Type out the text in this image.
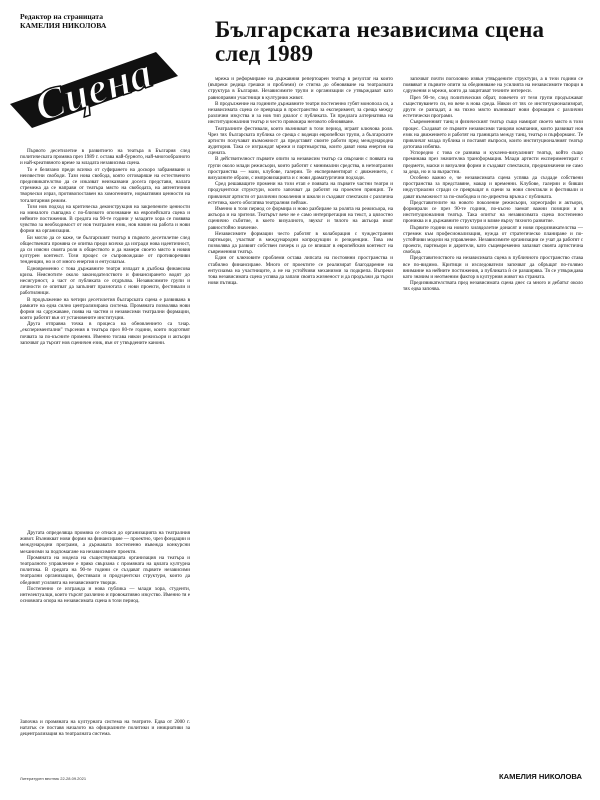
Редактор на страницата
КАМЕЛИЯ НИКОЛОВА
Сцена
Българската независима сцена след 1989

Първото десетилетие в развитието на театъра в България след политическата промяна през 1989 г. остава най-бурното, най-многообразното и най-креативното време за младата независима сцена.

То е белязано преди всичко от суфирането на доскоро забранявани и неизвестни свободи. Тази нова свобода, която отговаряше на естественото предизвикателство да се изказват неизказвани досега представи, налага стремежа да се направи от театъра място на свободата, на автентичния творчески израз, противопоставен на хомогенните, нормативни ценности на тоталитарния режим.

Този нов подход на критическа деконструкция на закрепените ценности на миналото съвпадна с по-близкото опознаване на европейската сцена и нейните постижения. В средата на 90-те години у младите хора се появява чувство за необходимост от нов театрален език, нов начин на работа и нови форми на организация.

Би могло да се каже, че българският театър в първото десетилетие след обществената промяна се опитва преди всичко да изгради нова идентичност, да си изясни своята роля в обществото и да намери своето място в новия културен контекст. Този процес сe съпровождаше от противоречиви тенденции, но и от много енергия и ентусиазъм.

Едновременно с това държавните театри изпадат в дълбока финансова криза. Неяснотите около законодателството и финансирането водят до несигурност, а част от публиката се отдръпва. Независимите групи и личности се опитват да запълнят празнотата с нови проекти, фестивали и работилници.

В продължение на четири десетилетия българската сцена е развивана в рамките на една силно централизирана система. Промяната позволява нови форми на сдружаване, поява на частни и независими театрални формации, които работят вън от установените институции.

Друга отправна точка в процеса на обновлението са т.нар. „експериментални" търсения в театъра през 80-те години, които подготвят почвата за по-късните промени. Именно тогава някои режисьори и актьори започват да търсят нов сценичен език, вън от утвърдените канони.

Другата определяща промяна се отнася до организацията на театралния живот. Възникват нови форми на финансиране — проектно, чрез фондации и международни програми, а държавата постепенно въвежда конкурсни механизми за подпомагане на независимите проекти.

Промяната на модела на съществуващата организация на театъра и театралното управление е пряко свързана с промяната на цялата културна политика. В средата на 90-те години се създават първите независими театрални организации, фестивали и продуцентски структури, които да обединят усилията на независимите творци.

Постепенно се изгражда и нова публика — млади хора, студенти, интелектуалци, които търсят различно и провокативно изкуство. Именно тя е основната опора на независимата сцена в този период.

Започна и промяната на културната система на театрите. Едва от 2000 г. нататък се поставя началото на официалните политики и инициативи за децентрализация на театралната система.

мрежа и реформиране на държавния репертоарен театър в резултат на които (въпреки редица грешки и проблеми) се стигна до обновяване на театралната структура в България. Независимите трупи и организации се утвърждават като равноправни участници в културния живот.

В продължение на годините държавните театри постепенно губят монопола си, а независимата сцена се превръща в пространство за експеримент, за среща между различни изкуства и за нов тип диалог с публиката. Тя предлага алтернатива на институционалния театър и често провокира неговото обновяване.

Театралните фестивали, които възникват в този период, играят ключова роля. Чрез тях българската публика се среща с водещи европейски трупи, а българските артисти получават възможност да представят своите работи пред международна аудитория. Така се изграждат мрежи и партньорства, които дават нова енергия на сцената.

В действителност първите опити за независим театър са свързани с появата на групи около млади режисьори, които работят с минимални средства, в нетеатрални пространства — мази, клубове, галерии. Те експериментират с движението, с визуалните образи, с импровизацията и с нови драматургични подходи.

Сред решаващите промени на този етап е появата на първите частни театри и продуцентски структури, които започват да работят на проектен принцип. Те привличат артисти от различни поколения и школи и създават спектакли с различна естетика, което обогатява театралния пейзаж.

Именно в този период се формира и ново разбиране за ролята на режисьора, на актьора и на зрителя. Театърът вече не е само интерпретация на текст, а цялостно сценично събитие, в което визуалното, звукът и тялото на актьора имат равностойно значение.

Независимите формации често работят в колаборация с чуждестранни партньори, участват в международни копродукции и резиденции. Това им позволява да развият собствен почерк и да се впишат в европейския контекст на съвременния театър.

Един от ключовите проблеми остава липсата на постоянни пространства и стабилно финансиране. Много от проектите се реализират благодарение на ентусиазма на участниците, а не на устойчиви механизми за подкрепа. Въпреки това независимата сцена успява да запази своята жизненост и да продължи да търси нови пътища.

започват почти поголовно извън утвърдените структури, а в тези години се появяват и първите опити за обединяване на усилията на независимите творци в сдружения и мрежи, които да защитават техните интереси.

През 90-те, след политическия обрат, повечето от тези групи продължават съществуването си, но вече в нова среда. Някои от тях се институционализират, други се разпадат, а на тяхно място възникват нови формации с различни естетически програми.

Съвременният танц и физическият театър също намират своето място в този процес. Създават се първите независими танцови компании, които развиват нов език на движението и работят на границата между танц, театър и пърформанс. Те привличат млада публика и поставят въпроси, които институционалният театър дотогава избягва.

Успоредно с това се развива и куклено-визуалният театър, който също преминава през значителна трансформация. Млади артисти експериментират с предмети, маски и визуални форми и създават спектакли, предназначени не само за деца, но и за възрастни.

Особено важно е, че независимата сцена успява да създаде собствени пространства за представяне, макар и временни. Клубове, галерии и бивши индустриални сгради се превръщат в сцени за нови спектакли и фестивали и дават възможност за по-свободна и по-директна връзка с публиката.

Представителите на новото поколение режисьори, хореографи и актьори, формирали се през 90-те години, по-късно заемат важни позиции и в институционалния театър. Така опитът на независимата сцена постепенно прониква и в държавните структури и влияе върху тяхното развитие.

Първите години на новото хилядолетие донасят и нови предизвикателства — стремеж към професионализация, нужда от стратегическо планиране и по-устойчиви модели на управление. Независимите организации се учат да работят с проекти, партньори и дарители, като същевременно запазват своята артистична свобода.

Представителството на независимата сцена в публичното пространство става все по-видимо. Критици и изследователи започват да обръщат по-голямо внимание на нейните постижения, а публиката ѝ се разширява. Тя се утвърждава като значим и неотменим фактор в културния живот на страната.

Предизвикателствата пред независимата сцена днес са много и дебатът около тях едва започва.

Литературен вестник 22-28.09.2021	КАМЕЛИЯ НИКОЛОВА
